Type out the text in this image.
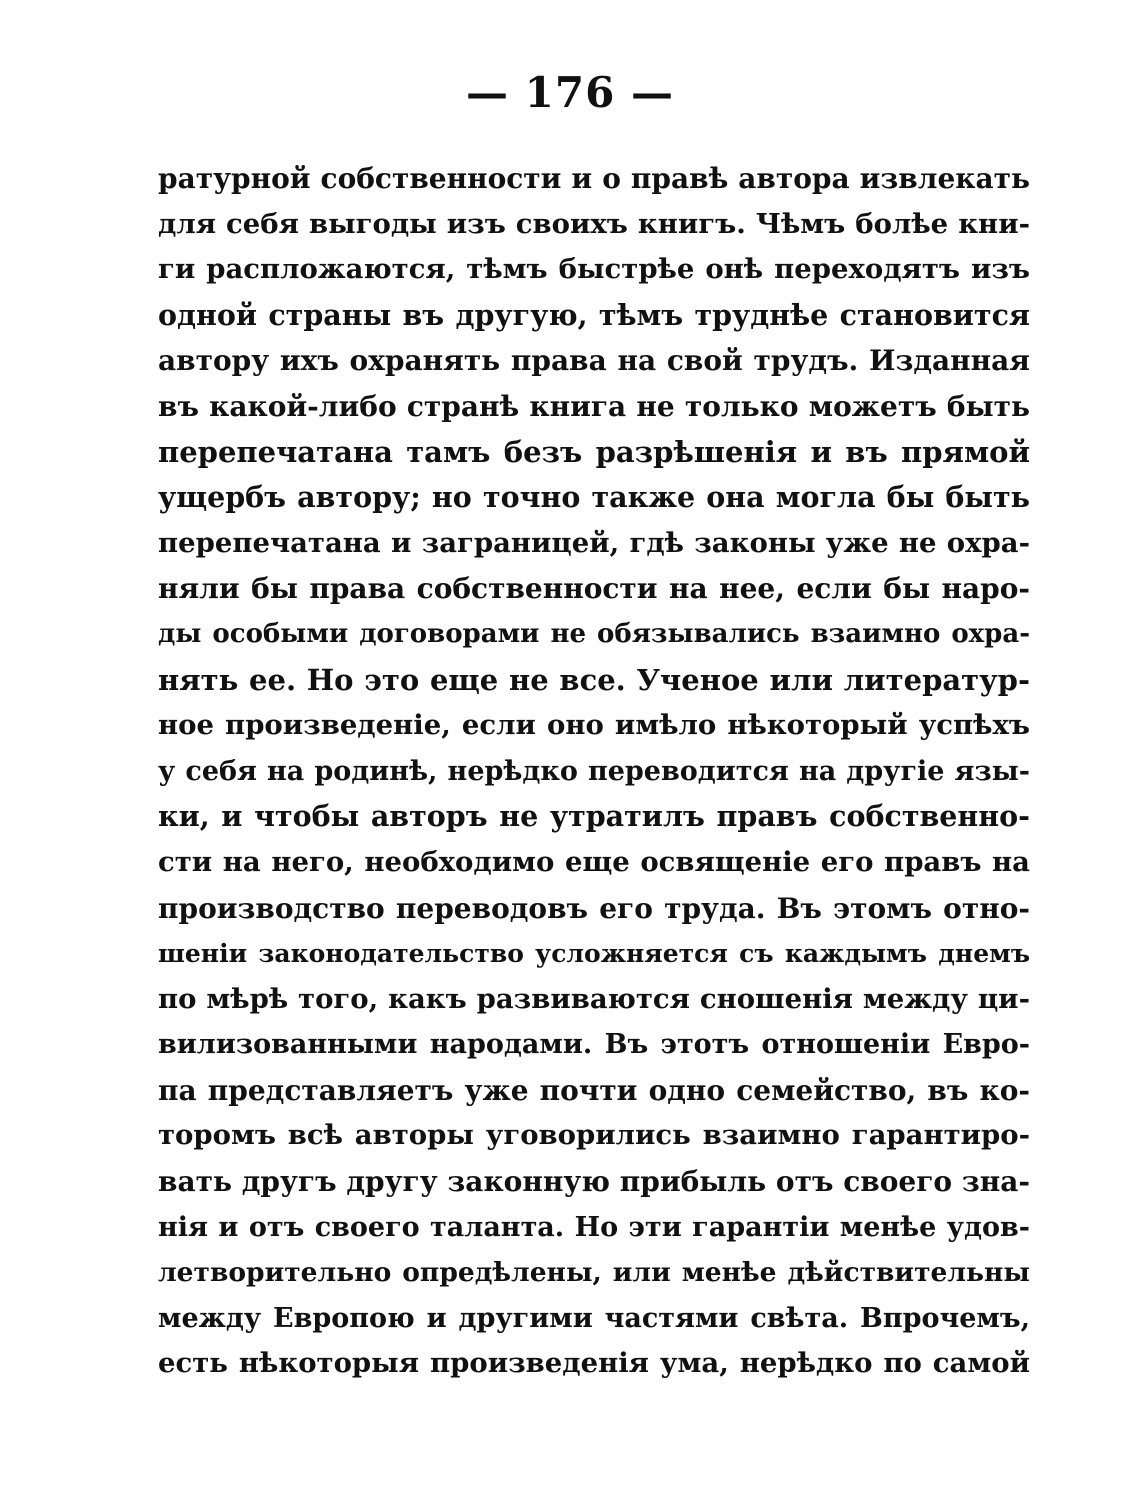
— 176 —
ратурной собственности и о правѣ автора извлекать
для себя выгоды изъ своихъ книгъ. Чѣмъ болѣе кни-
ги распложаются, тѣмъ быстрѣе онѣ переходятъ изъ
одной страны въ другую, тѣмъ труднѣе становится
автору ихъ охранять права на свой трудъ. Изданная
въ какой-либо странѣ книга не только можетъ быть
перепечатана тамъ безъ разрѣшенія и въ прямой
ущербъ автору; но точно также она могла бы быть
перепечатана и заграницей, гдѣ законы уже не охра-
няли бы права собственности на нее, если бы наро-
ды особыми договорами не обязывались взаимно охра-
нять ее. Но это еще не все. Ученое или литератур-
ное произведеніе, если оно имѣло нѣкоторый успѣхъ
у себя на родинѣ, нерѣдко переводится на другіе язы-
ки, и чтобы авторъ не утратилъ правъ собственно-
сти на него, необходимо еще освященіе его правъ на
производство переводовъ его труда. Въ этомъ отно-
шеніи законодательство усложняется съ каждымъ днемъ
по мѣрѣ того, какъ развиваются сношенія между ци-
вилизованными народами. Въ этотъ отношеніи Евро-
па представляетъ уже почти одно семейство, въ ко-
торомъ всѣ авторы уговорились взаимно гарантиро-
вать другъ другу законную прибыль отъ своего зна-
нія и отъ своего таланта. Но эти гарантіи менѣе удов-
летворительно опредѣлены, или менѣе дѣйствительны
между Европою и другими частями свѣта. Впрочемъ,
есть нѣкоторыя произведенія ума, нерѣдко по самой
